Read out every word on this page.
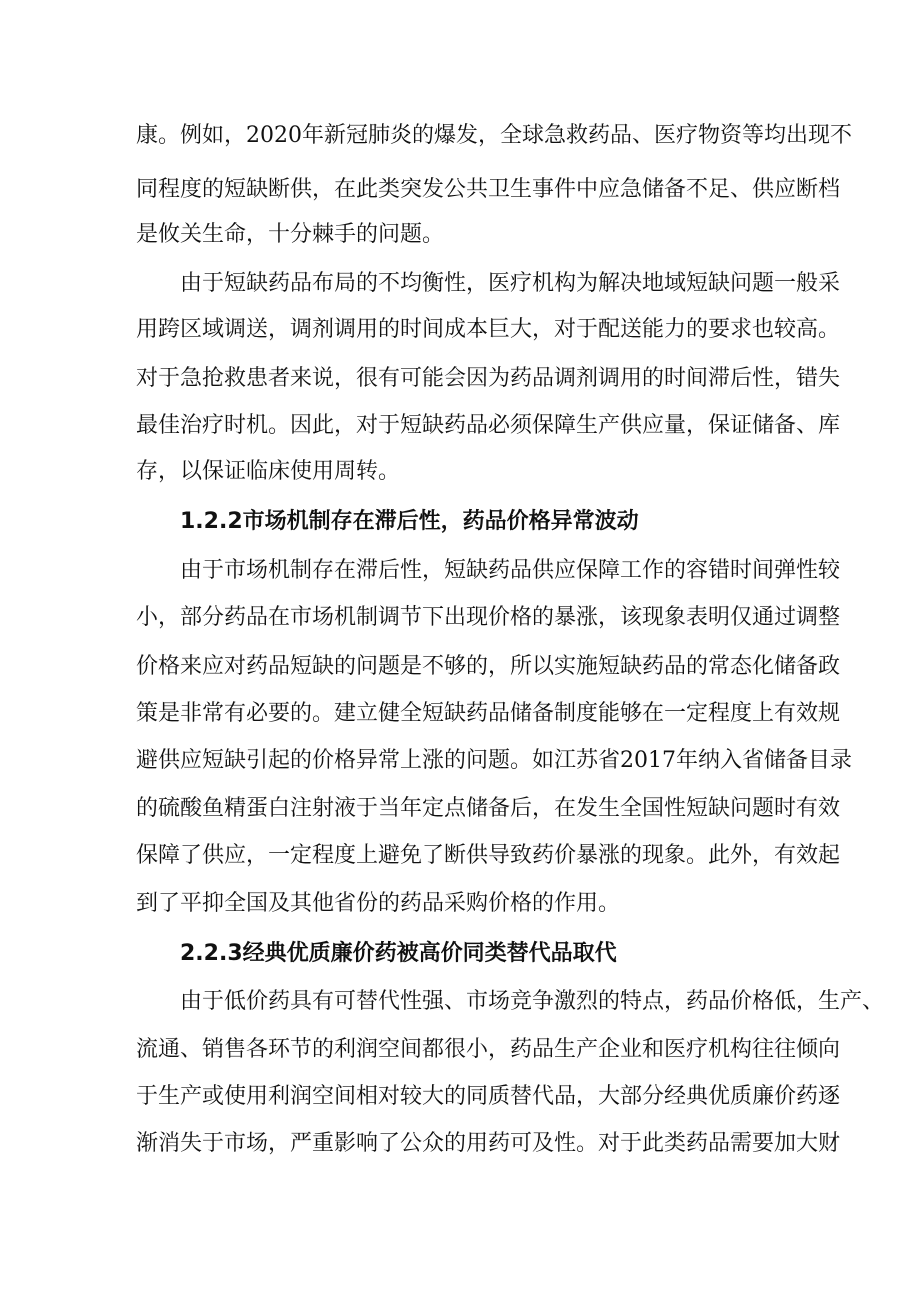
康。例如，2020年新冠肺炎的爆发，全球急救药品、医疗物资等均出现不

同程度的短缺断供，在此类突发公共卫生事件中应急储备不足、供应断档

是攸关生命，十分棘手的问题。

由于短缺药品布局的不均衡性，医疗机构为解决地域短缺问题一般采

用跨区域调送，调剂调用的时间成本巨大，对于配送能力的要求也较高。

对于急抢救患者来说，很有可能会因为药品调剂调用的时间滞后性，错失

最佳治疗时机。因此，对于短缺药品必须保障生产供应量，保证储备、库

存，以保证临床使用周转。

1.2.2市场机制存在滞后性，药品价格异常波动

由于市场机制存在滞后性，短缺药品供应保障工作的容错时间弹性较

小，部分药品在市场机制调节下出现价格的暴涨，该现象表明仅通过调整

价格来应对药品短缺的问题是不够的，所以实施短缺药品的常态化储备政

策是非常有必要的。建立健全短缺药品储备制度能够在一定程度上有效规

避供应短缺引起的价格异常上涨的问题。如江苏省2017年纳入省储备目录

的硫酸鱼精蛋白注射液于当年定点储备后，在发生全国性短缺问题时有效

保障了供应，一定程度上避免了断供导致药价暴涨的现象。此外，有效起

到了平抑全国及其他省份的药品采购价格的作用。

2.2.3经典优质廉价药被高价同类替代品取代

由于低价药具有可替代性强、市场竞争激烈的特点，药品价格低，生产、

流通、销售各环节的利润空间都很小，药品生产企业和医疗机构往往倾向

于生产或使用利润空间相对较大的同质替代品，大部分经典优质廉价药逐

渐消失于市场，严重影响了公众的用药可及性。对于此类药品需要加大财
